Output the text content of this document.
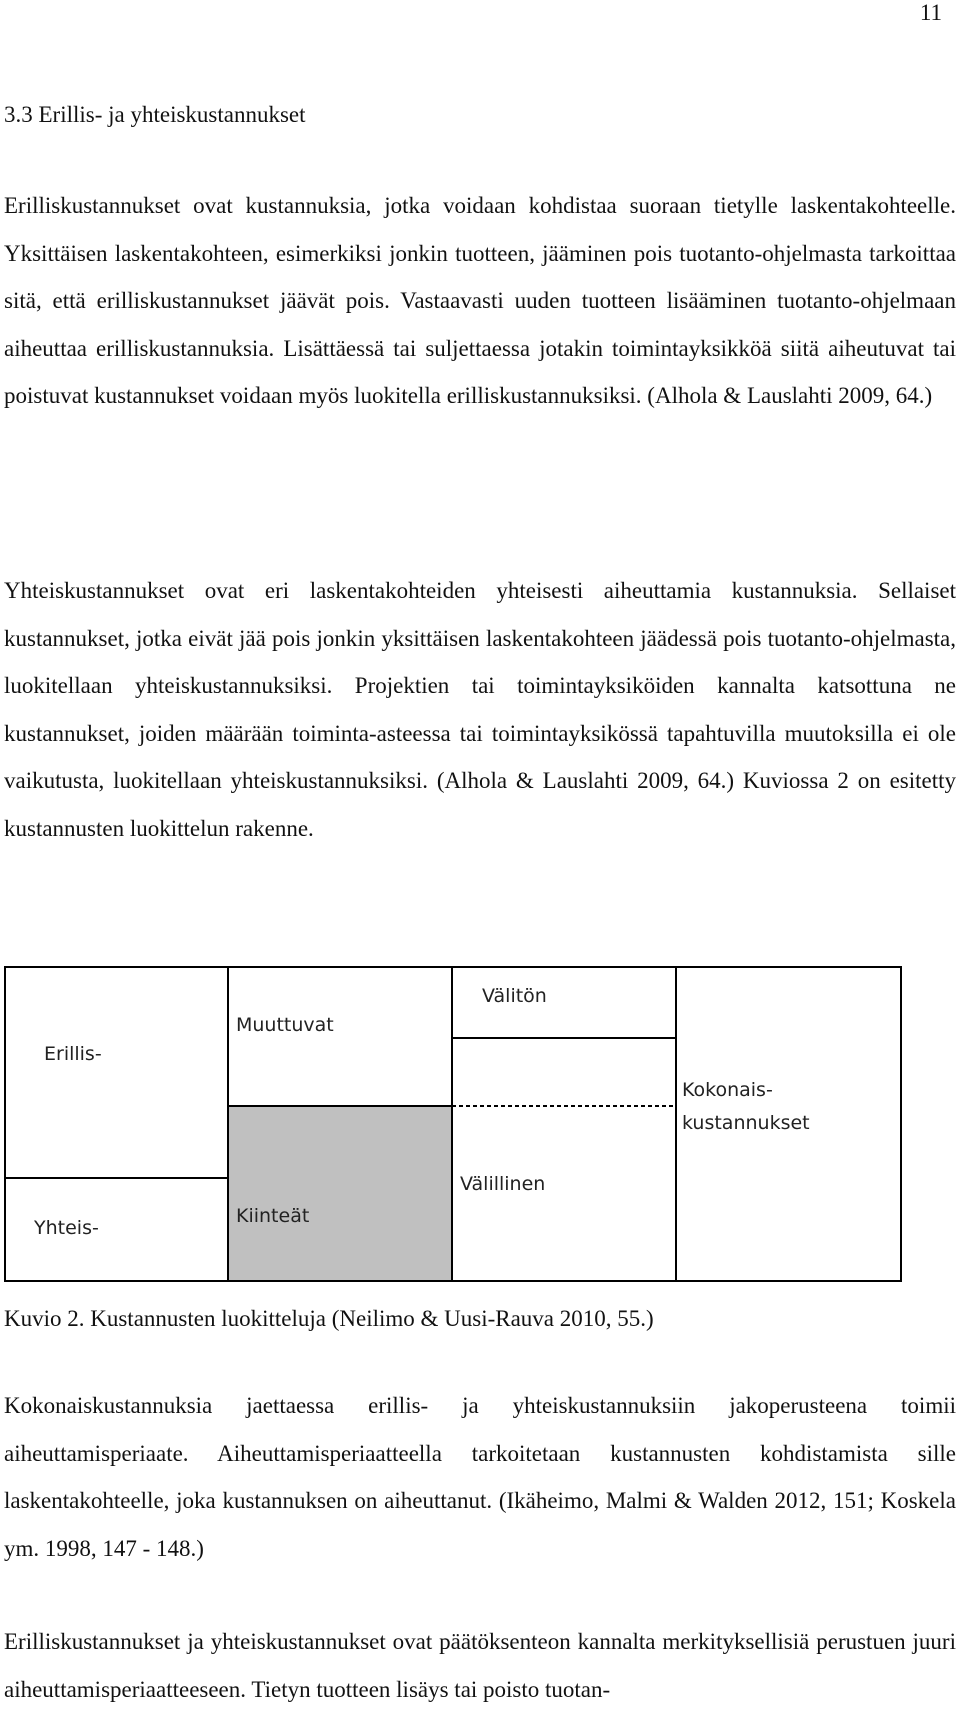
11
3.3 Erillis- ja yhteiskustannukset

Erilliskustannukset ovat kustannuksia, jotka voidaan kohdistaa suoraan tietylle laskentakohteelle. Yksittäisen laskentakohteen, esimerkiksi jonkin tuotteen, jääminen pois tuotanto-ohjelmasta tarkoittaa sitä, että erilliskustannukset jäävät pois. Vastaavasti uuden tuotteen lisääminen tuotanto-ohjelmaan aiheuttaa erilliskustannuksia. Lisättäessä tai suljettaessa jotakin toimintayksikköä siitä aiheutuvat tai poistuvat kustannukset voidaan myös luokitella erilliskustannuksiksi. (Alhola & Lauslahti 2009, 64.)

Yhteiskustannukset ovat eri laskentakohteiden yhteisesti aiheuttamia kustannuksia. Sellaiset kustannukset, jotka eivät jää pois jonkin yksittäisen laskentakohteen jäädessä pois tuotanto-ohjelmasta, luokitellaan yhteiskustannuksiksi. Projektien tai toimintayksiköiden kannalta katsottuna ne kustannukset, joiden määrään toiminta-asteessa tai toimintayksikössä tapahtuvilla muutoksilla ei ole vaikutusta, luokitellaan yhteiskustannuksiksi. (Alhola & Lauslahti 2009, 64.) Kuviossa 2 on esitetty kustannusten luokittelun rakenne.

Erillis-
Yhteis-
Muuttuvat
Kiinteät
Välitön
Välillinen
Kokonais-
kustannukset
Kuvio 2. Kustannusten luokitteluja (Neilimo & Uusi-Rauva 2010, 55.)

Kokonaiskustannuksia jaettaessa erillis- ja yhteiskustannuksiin jakoperusteena toimii aiheuttamisperiaate. Aiheuttamisperiaatteella tarkoitetaan kustannusten kohdistamista sille laskentakohteelle, joka kustannuksen on aiheuttanut. (Ikäheimo, Malmi & Walden 2012, 151; Koskela ym. 1998, 147 - 148.)

Erilliskustannukset ja yhteiskustannukset ovat päätöksenteon kannalta merkityksellisiä perustuen juuri aiheuttamisperiaatteeseen. Tietyn tuotteen lisäys tai poisto tuotan-
